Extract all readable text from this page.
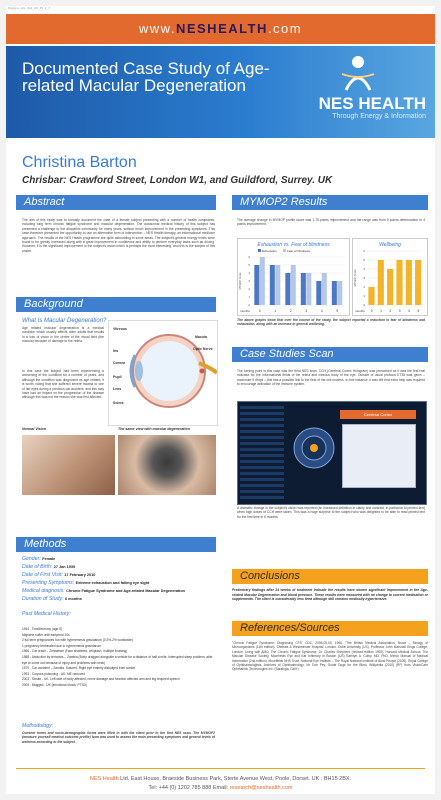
Posters_sho_dsk_A0_45_1_7
www.NESHEALTH.com
Documented Case Study of Age-related Macular Degeneration
NES HEALTH
Through Energy & Information
Christina Barton
Chrisbar: Crawford Street, London W1, and Guildford, Surrey. UK
Abstract
The aim of this study was to formally document the case of a female subject presenting with a number of health complaints, including long term chronic fatigue syndrome and macular degeneration. The autosomal medical history of this subject has presented a challenge to the allopathic community for many years, without much improvement in the presenting symptoms. This case therefore presented the opportunity to use an alternative form of intervention – NES Health therapy, an informational medicine approach. The results of the NES Health programme are quite astounding in some areas. The subject's general energy levels were found to be greatly increased along with a great improvement in confidence and ability to perform everyday tasks such as driving. However, it is the significant improvement in the subject's vision which is perhaps the most interesting, and this is the subject of this poster.
MYMOP2 Results
The average change in MYMOP profile score was 1.75 points improvement and the range was from 0 points deterioration to 4 points improvement.
Exhaustion vs. Fear of blindness
Exhaustion	Fear of blindness
0
1
2
3
4
5
6
MYMOP Score
0	1	2	3	4	5
months
Wellbeing
0
1
2
3
4
5
6
MYMOP Score
0 1 2 3 4 5
months
The above graphs show that over the course of the study, the subject reported a reduction in fear of blindness and exhaustion, along with an increase in general wellbeing.
Background
What Is Macular Degeneration?
Age related macular degeneration is a medical condition which usually affects older adults that results in a loss of vision in the centre of the visual field (the macula) because of damage to the retina.
In this case the subject had been experiencing a worsening of the condition for a number of years, and although the condition was diagnosed as age related, it is worth noting that she suffered severe trauma to one of her eyes during a previous car accident, and this may have had an impact on the progression of the disease although this was not the reason she was first affected.
Vitreous
Iris
Cornea
Pupil
Lens
Sclera
Macula
Optic Nerve
Normal Vision	The same view with macular degeneration
Case Studies Scan
The turning point in this case was the third NES scan. CCH (Cerebral Cortex Hologram) was prescribed as it was the first real indicator for the informational fields of the retina and vitreous body of the eye. Outside of usual protocol ET35 was given – maximum 9 drops – this has a possible link to the field of the cell nucleus. In this instance, it was felt that extra help was required to encourage activation of the immune system.
Cerebral Cortex
A dramatic change in the subject's vision was reported (an increased definition in clarity and contrast, in particular to printed text) when high doses of CCH were taken. This was a huge surprise to the subject who was delighted to be able to read printed text for the first time in 6 months.
Methods
Gender: Female
Date of Birth: 27 Jan 1939
Date of First Visit: 17 February 2010
Presenting Symptoms: Extreme exhaustion and failing eye sight
Medical diagnosis: Chronic Fatigue Syndrome and Age-related Macular Degeneration
Duration of Study: 6 months
Past Medical History:
1944 - Tonsillectomy (age 5)
Migraine suffer until early/mid 20s
2 full term pregnancies but with hyperemesis gravidarum (0.3%-2% worldwide)
1 pregnancy terminated due to hyperemesis gravidarum
1966 - Car crash – Zimbabwe (Face shattered, whiplash, multiple bruising)
1988 - Abduction by terrorists – Zambia (Body dragged alongside a vehicle for a distance of half a mile. Interrupted sleep problem, able eye to come out because of injury and problems with neck)
1970 - Car accident – Zambia. Sutured. Right eye entirely dislodged from socket
1993 - Corpora poisoning - UK. ME removed
2003 - Stroke - UK. Left side of body affected, nerve damage and function affected arm and leg required speech
2009 - Mugged - UK (emotional shock, PTSD)
Methodology:
Consent forms and socio-demographic forms were filled in with the client prior to the first NES scan. The MYMOP2 (measure yourself medical outcome profile) form was used to assess the main presenting symptoms and general levels of wellness according to the subject.
Conclusions
Preliminary findings after 24 weeks of treatment indicate the results have shown significant improvement in the Age-related Macular Degeneration and blood pressure. These results were measured with no change to current medication or supplements. The client is considerably less tired although still remains medically hypertensive.
References/Sources
"Chronic Fatigue Syndrome: Diagnosing CFS" CDC. 2006-05-05. 1966. "The British Medical Association, Bruce – Biology of Microorganisms (11th edition). Chelsea & Westminster Hospital, London, Duke University (US), Professor John Marshall Kings College, London, Living with AMD, The Chronic Fatigue Syndrome, Dr. Charles Shepherd (revised edition 1992). Harvard Medical School, The Macular Disease Society, Moorfields Eye and Ear Infirmary in Boston (US) Kathryn A. Colby, MD, PhD, Merck Manual of Medical Information (2nd edition), Moorfields NHS Trust, National Eye Institute – The Royal National Institute of Blind People (2009). Royal College of Ophthalmologists, Archives of Ophthalmology, Mr Tom Pey, Guide Dogs for the Blind, Wikipedia (2010) (RF) from VisionCare Ophthalmic Technologies Inc. (Saratoga, Calif.)
NES Health Ltd. East House, Braeside Business Park, Sterte Avenue West, Poole, Dorset. UK . BH15 2BX.
Tel: +44 (0) 1202 785 888 Email: research@neshealth.com
